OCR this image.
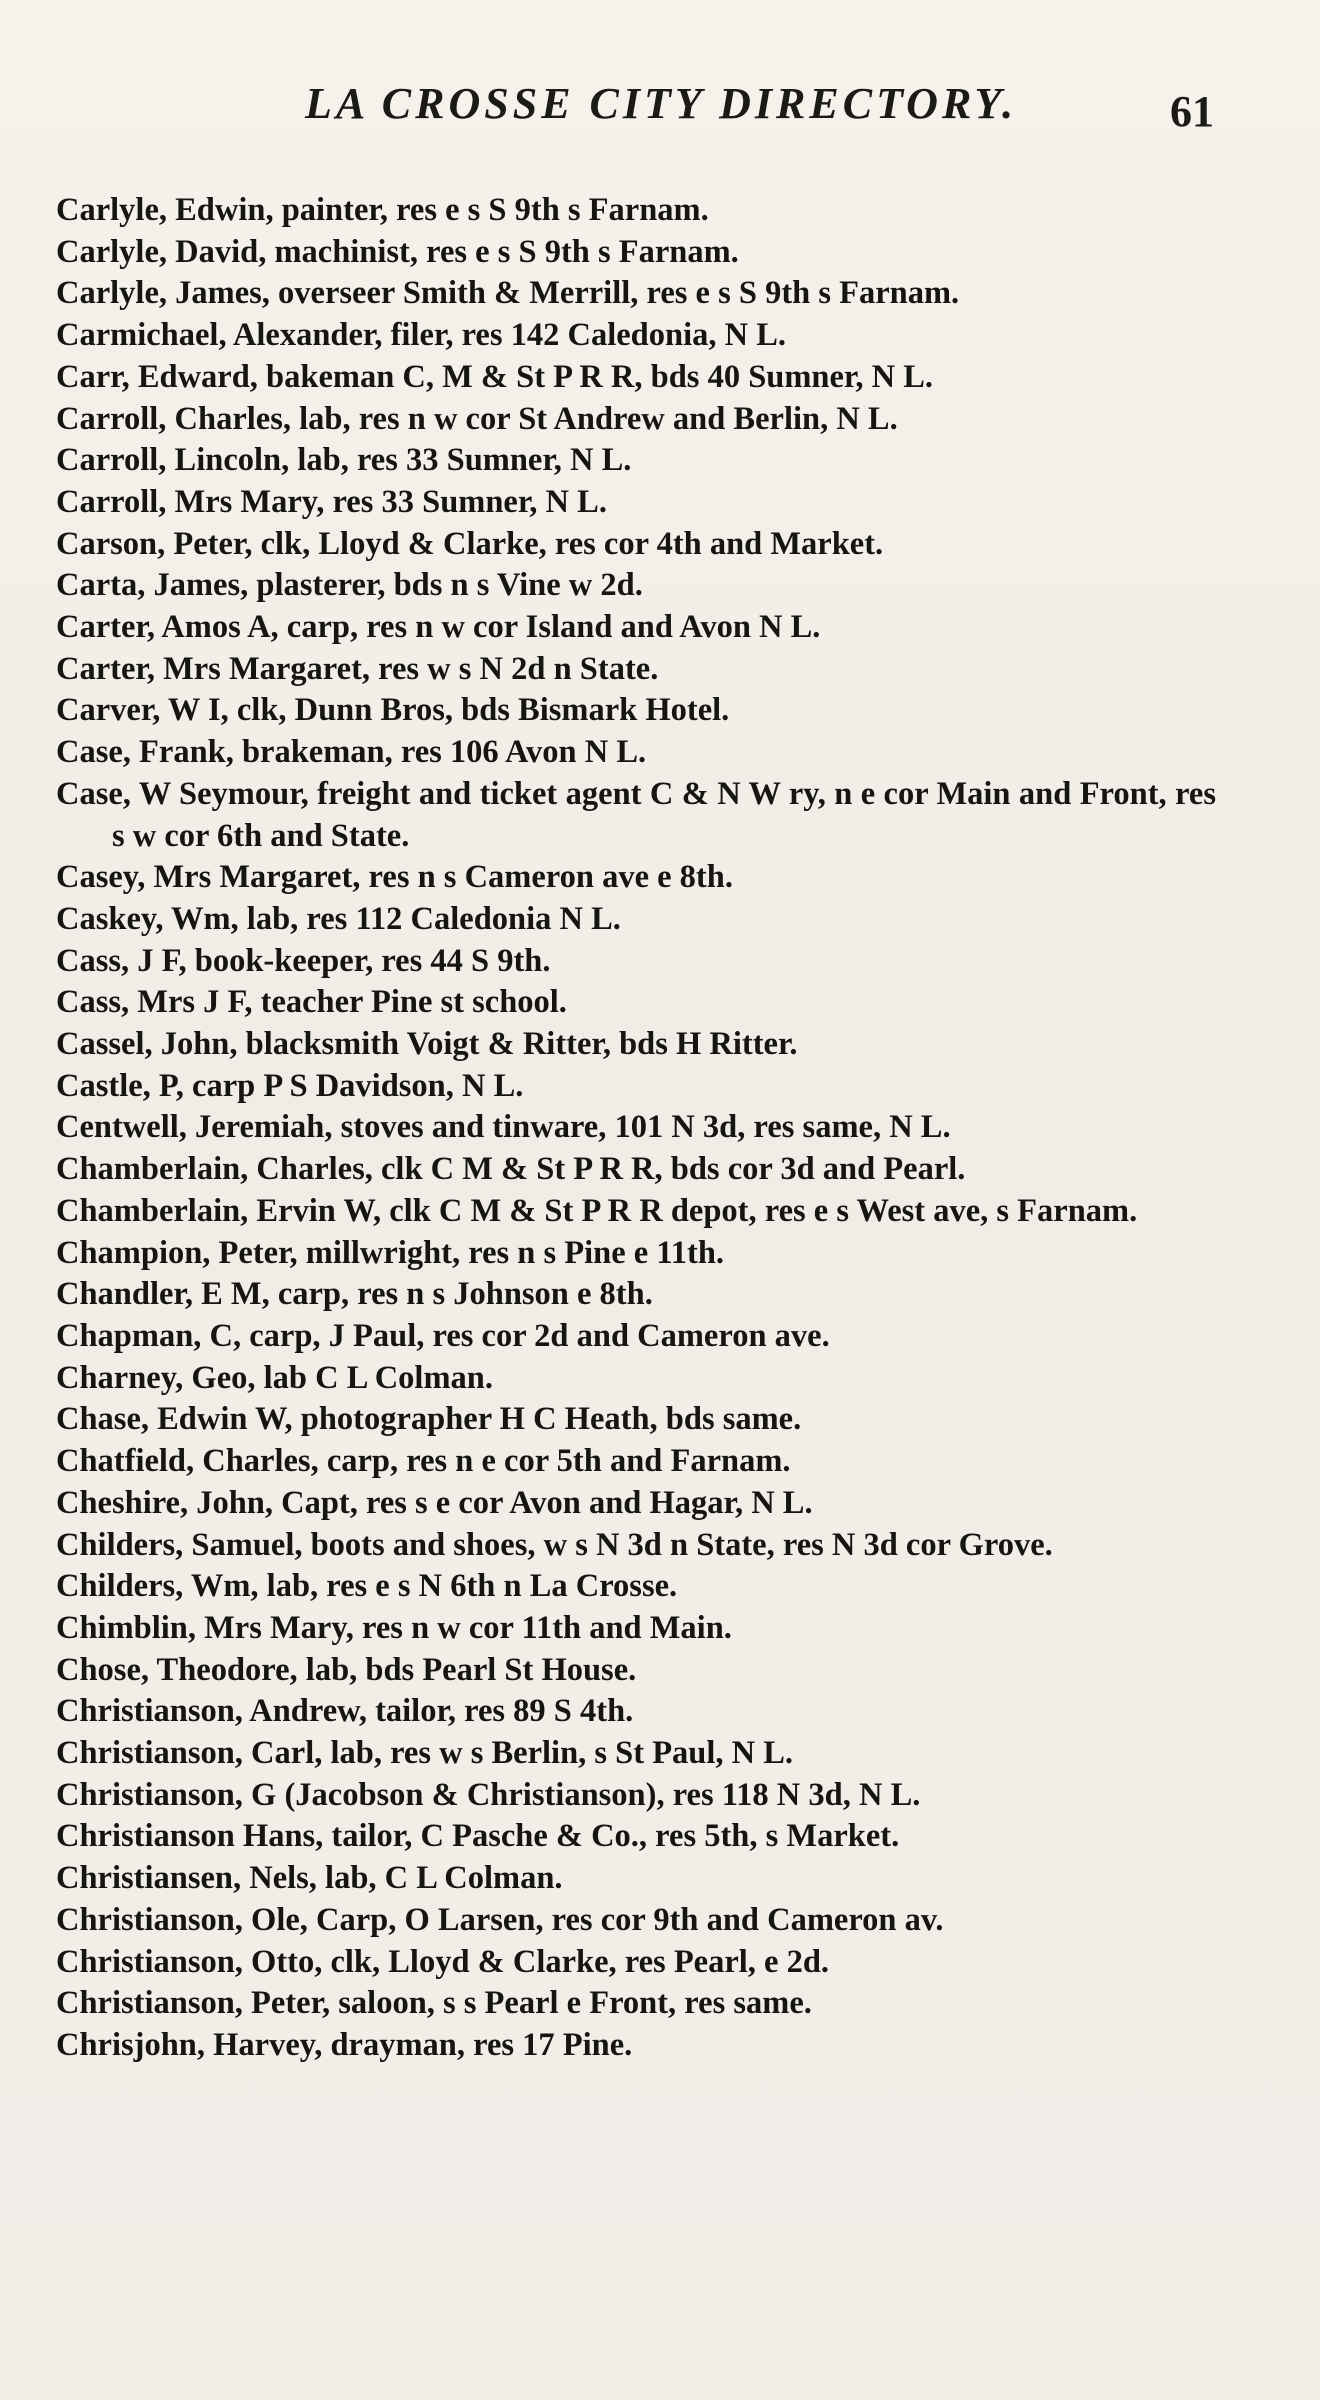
LA CROSSE CITY DIRECTORY.	61
Carlyle, Edwin, painter, res e s S 9th s Farnam.
Carlyle, David, machinist, res e s S 9th s Farnam.
Carlyle, James, overseer Smith & Merrill, res e s S 9th s Farnam.
Carmichael, Alexander, filer, res 142 Caledonia, N L.
Carr, Edward, bakeman C, M & St P R R, bds 40 Sumner, N L.
Carroll, Charles, lab, res n w cor St Andrew and Berlin, N L.
Carroll, Lincoln, lab, res 33 Sumner, N L.
Carroll, Mrs Mary, res 33 Sumner, N L.
Carson, Peter, clk, Lloyd & Clarke, res cor 4th and Market.
Carta, James, plasterer, bds n s Vine w 2d.
Carter, Amos A, carp, res n w cor Island and Avon N L.
Carter, Mrs Margaret, res w s N 2d n State.
Carver, W I, clk, Dunn Bros, bds Bismark Hotel.
Case, Frank, brakeman, res 106 Avon N L.
Case, W Seymour, freight and ticket agent C & N W ry, n e cor Main and Front, res s w cor 6th and State.
Casey, Mrs Margaret, res n s Cameron ave e 8th.
Caskey, Wm, lab, res 112 Caledonia N L.
Cass, J F, book-keeper, res 44 S 9th.
Cass, Mrs J F, teacher Pine st school.
Cassel, John, blacksmith Voigt & Ritter, bds H Ritter.
Castle, P, carp P S Davidson, N L.
Centwell, Jeremiah, stoves and tinware, 101 N 3d, res same, N L.
Chamberlain, Charles, clk C M & St P R R, bds cor 3d and Pearl.
Chamberlain, Ervin W, clk C M & St P R R depot, res e s West ave, s Farnam.
Champion, Peter, millwright, res n s Pine e 11th.
Chandler, E M, carp, res n s Johnson e 8th.
Chapman, C, carp, J Paul, res cor 2d and Cameron ave.
Charney, Geo, lab C L Colman.
Chase, Edwin W, photographer H C Heath, bds same.
Chatfield, Charles, carp, res n e cor 5th and Farnam.
Cheshire, John, Capt, res s e cor Avon and Hagar, N L.
Childers, Samuel, boots and shoes, w s N 3d n State, res N 3d cor Grove.
Childers, Wm, lab, res e s N 6th n La Crosse.
Chimblin, Mrs Mary, res n w cor 11th and Main.
Chose, Theodore, lab, bds Pearl St House.
Christianson, Andrew, tailor, res 89 S 4th.
Christianson, Carl, lab, res w s Berlin, s St Paul, N L.
Christianson, G (Jacobson & Christianson), res 118 N 3d, N L.
Christianson Hans, tailor, C Pasche & Co., res 5th, s Market.
Christiansen, Nels, lab, C L Colman.
Christianson, Ole, Carp, O Larsen, res cor 9th and Cameron av.
Christianson, Otto, clk, Lloyd & Clarke, res Pearl, e 2d.
Christianson, Peter, saloon, s s Pearl e Front, res same.
Chrisjohn, Harvey, drayman, res 17 Pine.
